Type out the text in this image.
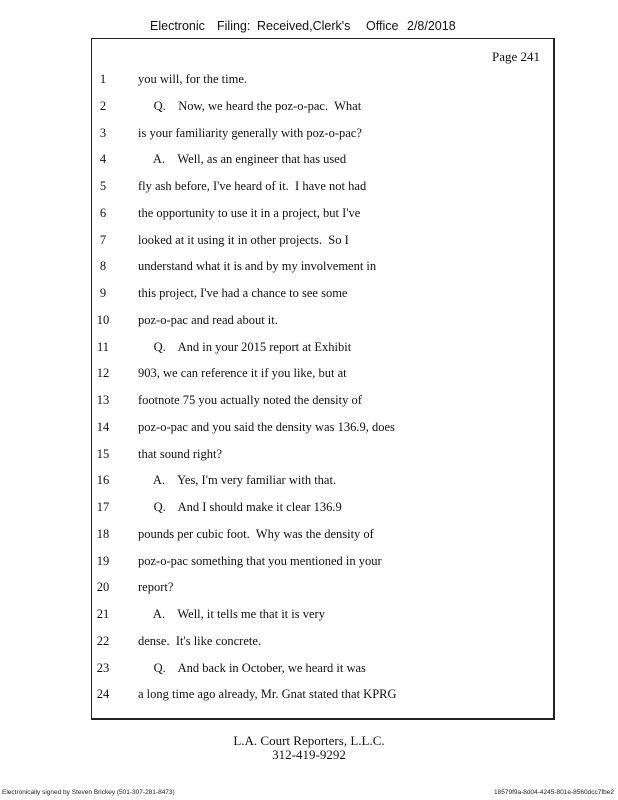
Electronic Filing: Received,Clerk's Office 2/8/2018
Page 241
1	you will, for the time.
2	Q.    Now, we heard the poz-o-pac.  What
3	is your familiarity generally with poz-o-pac?
4	A.    Well, as an engineer that has used
5	fly ash before, I've heard of it.  I have not had
6	the opportunity to use it in a project, but I've
7	looked at it using it in other projects.  So I
8	understand what it is and by my involvement in
9	this project, I've had a chance to see some
10	poz-o-pac and read about it.
11	Q.    And in your 2015 report at Exhibit
12	903, we can reference it if you like, but at
13	footnote 75 you actually noted the density of
14	poz-o-pac and you said the density was 136.9, does
15	that sound right?
16	A.    Yes, I'm very familiar with that.
17	Q.    And I should make it clear 136.9
18	pounds per cubic foot.  Why was the density of
19	poz-o-pac something that you mentioned in your
20	report?
21	A.    Well, it tells me that it is very
22	dense.  It's like concrete.
23	Q.    And back in October, we heard it was
24	a long time ago already, Mr. Gnat stated that KPRG
L.A. Court Reporters, L.L.C.
312-419-9292
Electronically signed by Steven Brickey (501-307-281-8473)	18579f9a-8d04-4245-801e-8560dcc7fbe2
